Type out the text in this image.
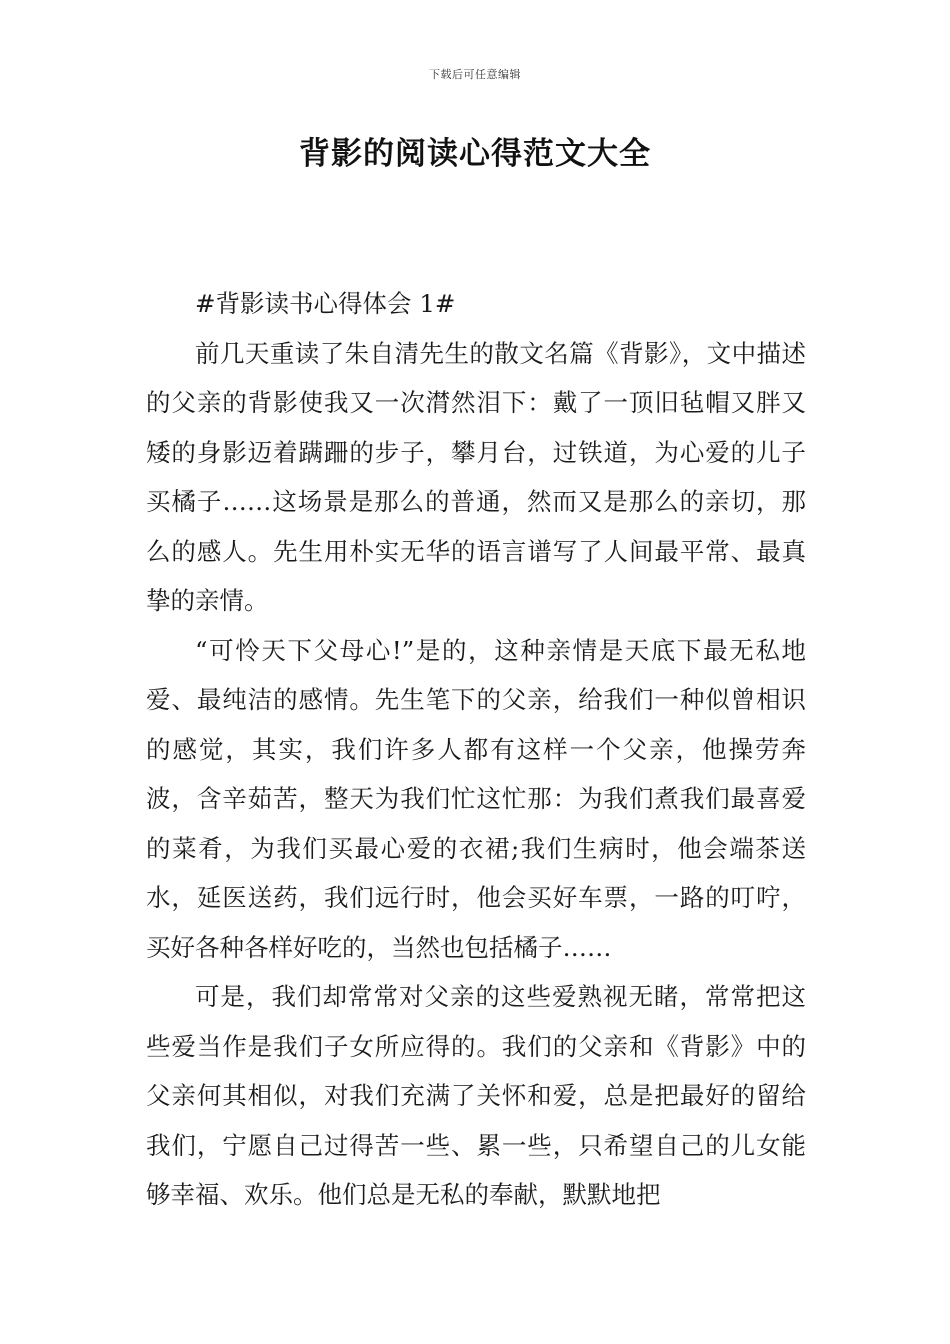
下载后可任意编辑
背影的阅读心得范文大全

#背影读书心得体会 1#

前几天重读了朱自清先生的散文名篇《背影》，文中描述的父亲的背影使我又一次潸然泪下：戴了一顶旧毡帽又胖又矮的身影迈着蹒跚的步子，攀月台，过铁道，为心爱的儿子买橘子……这场景是那么的普通，然而又是那么的亲切，那么的感人。先生用朴实无华的语言谱写了人间最平常、最真挚的亲情。

“可怜天下父母心!”是的，这种亲情是天底下最无私地爱、最纯洁的感情。先生笔下的父亲，给我们一种似曾相识的感觉，其实，我们许多人都有这样一个父亲，他操劳奔波，含辛茹苦，整天为我们忙这忙那：为我们煮我们最喜爱的菜肴，为我们买最心爱的衣裙;我们生病时，他会端茶送水，延医送药，我们远行时，他会买好车票，一路的叮咛，买好各种各样好吃的，当然也包括橘子……

可是，我们却常常对父亲的这些爱熟视无睹，常常把这些爱当作是我们子女所应得的。我们的父亲和《背影》中的父亲何其相似，对我们充满了关怀和爱，总是把最好的留给我们，宁愿自己过得苦一些、累一些，只希望自己的儿女能够幸福、欢乐。他们总是无私的奉献，默默地把
